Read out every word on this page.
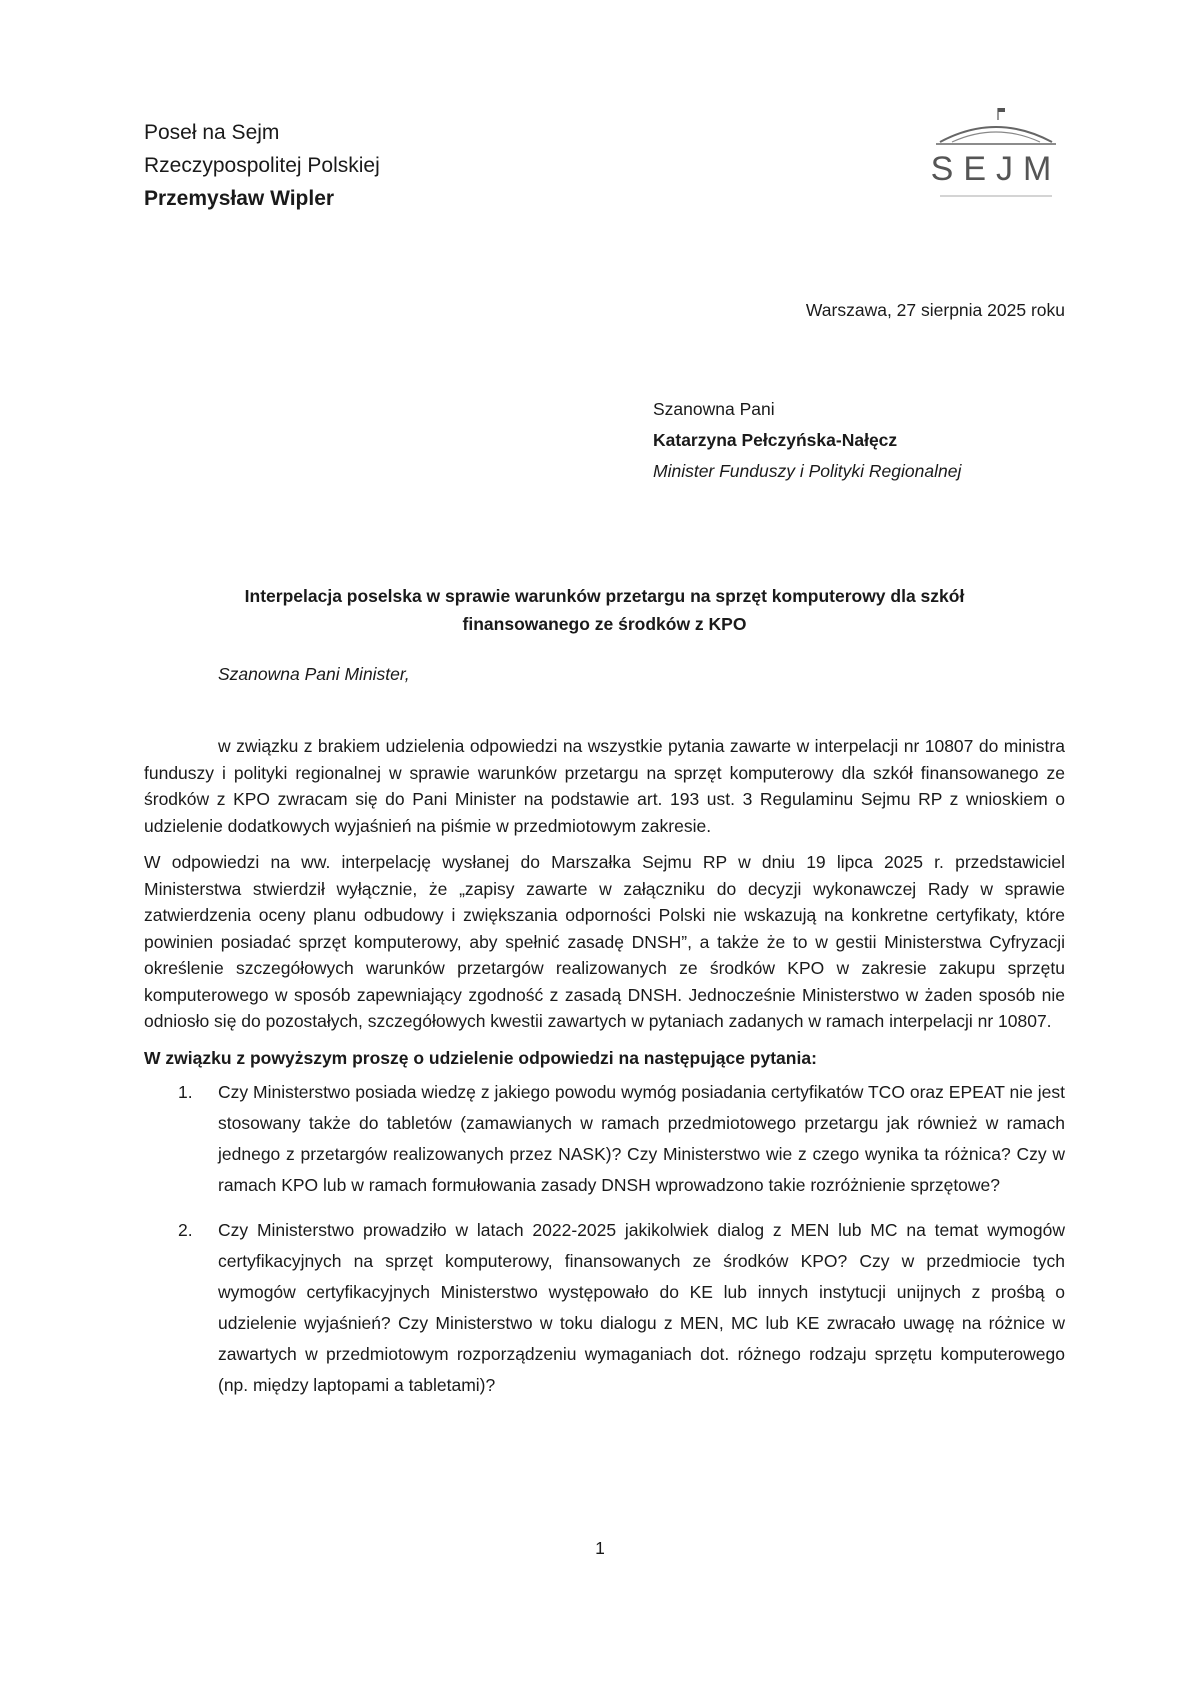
Poseł na Sejm
Rzeczypospolitej Polskiej
Przemysław Wipler
SEJM
Warszawa, 27 sierpnia 2025 roku
Szanowna Pani
Katarzyna Pełczyńska-Nałęcz
Minister Funduszy i Polityki Regionalnej
Interpelacja poselska w sprawie warunków przetargu na sprzęt komputerowy dla szkół
finansowanego ze środków z KPO
Szanowna Pani Minister,

w związku z brakiem udzielenia odpowiedzi na wszystkie pytania zawarte w interpelacji nr 10807 do ministra funduszy i polityki regionalnej w sprawie warunków przetargu na sprzęt komputerowy dla szkół finansowanego ze środków z KPO zwracam się do Pani Minister na podstawie art. 193 ust. 3 Regulaminu Sejmu RP z wnioskiem o udzielenie dodatkowych wyjaśnień na piśmie w przedmiotowym zakresie.

W odpowiedzi na ww. interpelację wysłanej do Marszałka Sejmu RP w dniu 19 lipca 2025 r. przedstawiciel Ministerstwa stwierdził wyłącznie, że „zapisy zawarte w załączniku do decyzji wykonawczej Rady w sprawie zatwierdzenia oceny planu odbudowy i zwiększania odporności Polski nie wskazują na konkretne certyfikaty, które powinien posiadać sprzęt komputerowy, aby spełnić zasadę DNSH”, a także że to w gestii Ministerstwa Cyfryzacji określenie szczegółowych warunków przetargów realizowanych ze środków KPO w zakresie zakupu sprzętu komputerowego w sposób zapewniający zgodność z zasadą DNSH. Jednocześnie Ministerstwo w żaden sposób nie odniosło się do pozostałych, szczegółowych kwestii zawartych w pytaniach zadanych w ramach interpelacji nr 10807.

W związku z powyższym proszę o udzielenie odpowiedzi na następujące pytania:

1. Czy Ministerstwo posiada wiedzę z jakiego powodu wymóg posiadania certyfikatów TCO oraz EPEAT nie jest stosowany także do tabletów (zamawianych w ramach przedmiotowego przetargu jak również w ramach jednego z przetargów realizowanych przez NASK)? Czy Ministerstwo wie z czego wynika ta różnica? Czy w ramach KPO lub w ramach formułowania zasady DNSH wprowadzono takie rozróżnienie sprzętowe?
2. Czy Ministerstwo prowadziło w latach 2022-2025 jakikolwiek dialog z MEN lub MC na temat wymogów certyfikacyjnych na sprzęt komputerowy, finansowanych ze środków KPO? Czy w przedmiocie tych wymogów certyfikacyjnych Ministerstwo występowało do KE lub innych instytucji unijnych z prośbą o udzielenie wyjaśnień? Czy Ministerstwo w toku dialogu z MEN, MC lub KE zwracało uwagę na różnice w zawartych w przedmiotowym rozporządzeniu wymaganiach dot. różnego rodzaju sprzętu komputerowego (np. między laptopami a tabletami)?
1
